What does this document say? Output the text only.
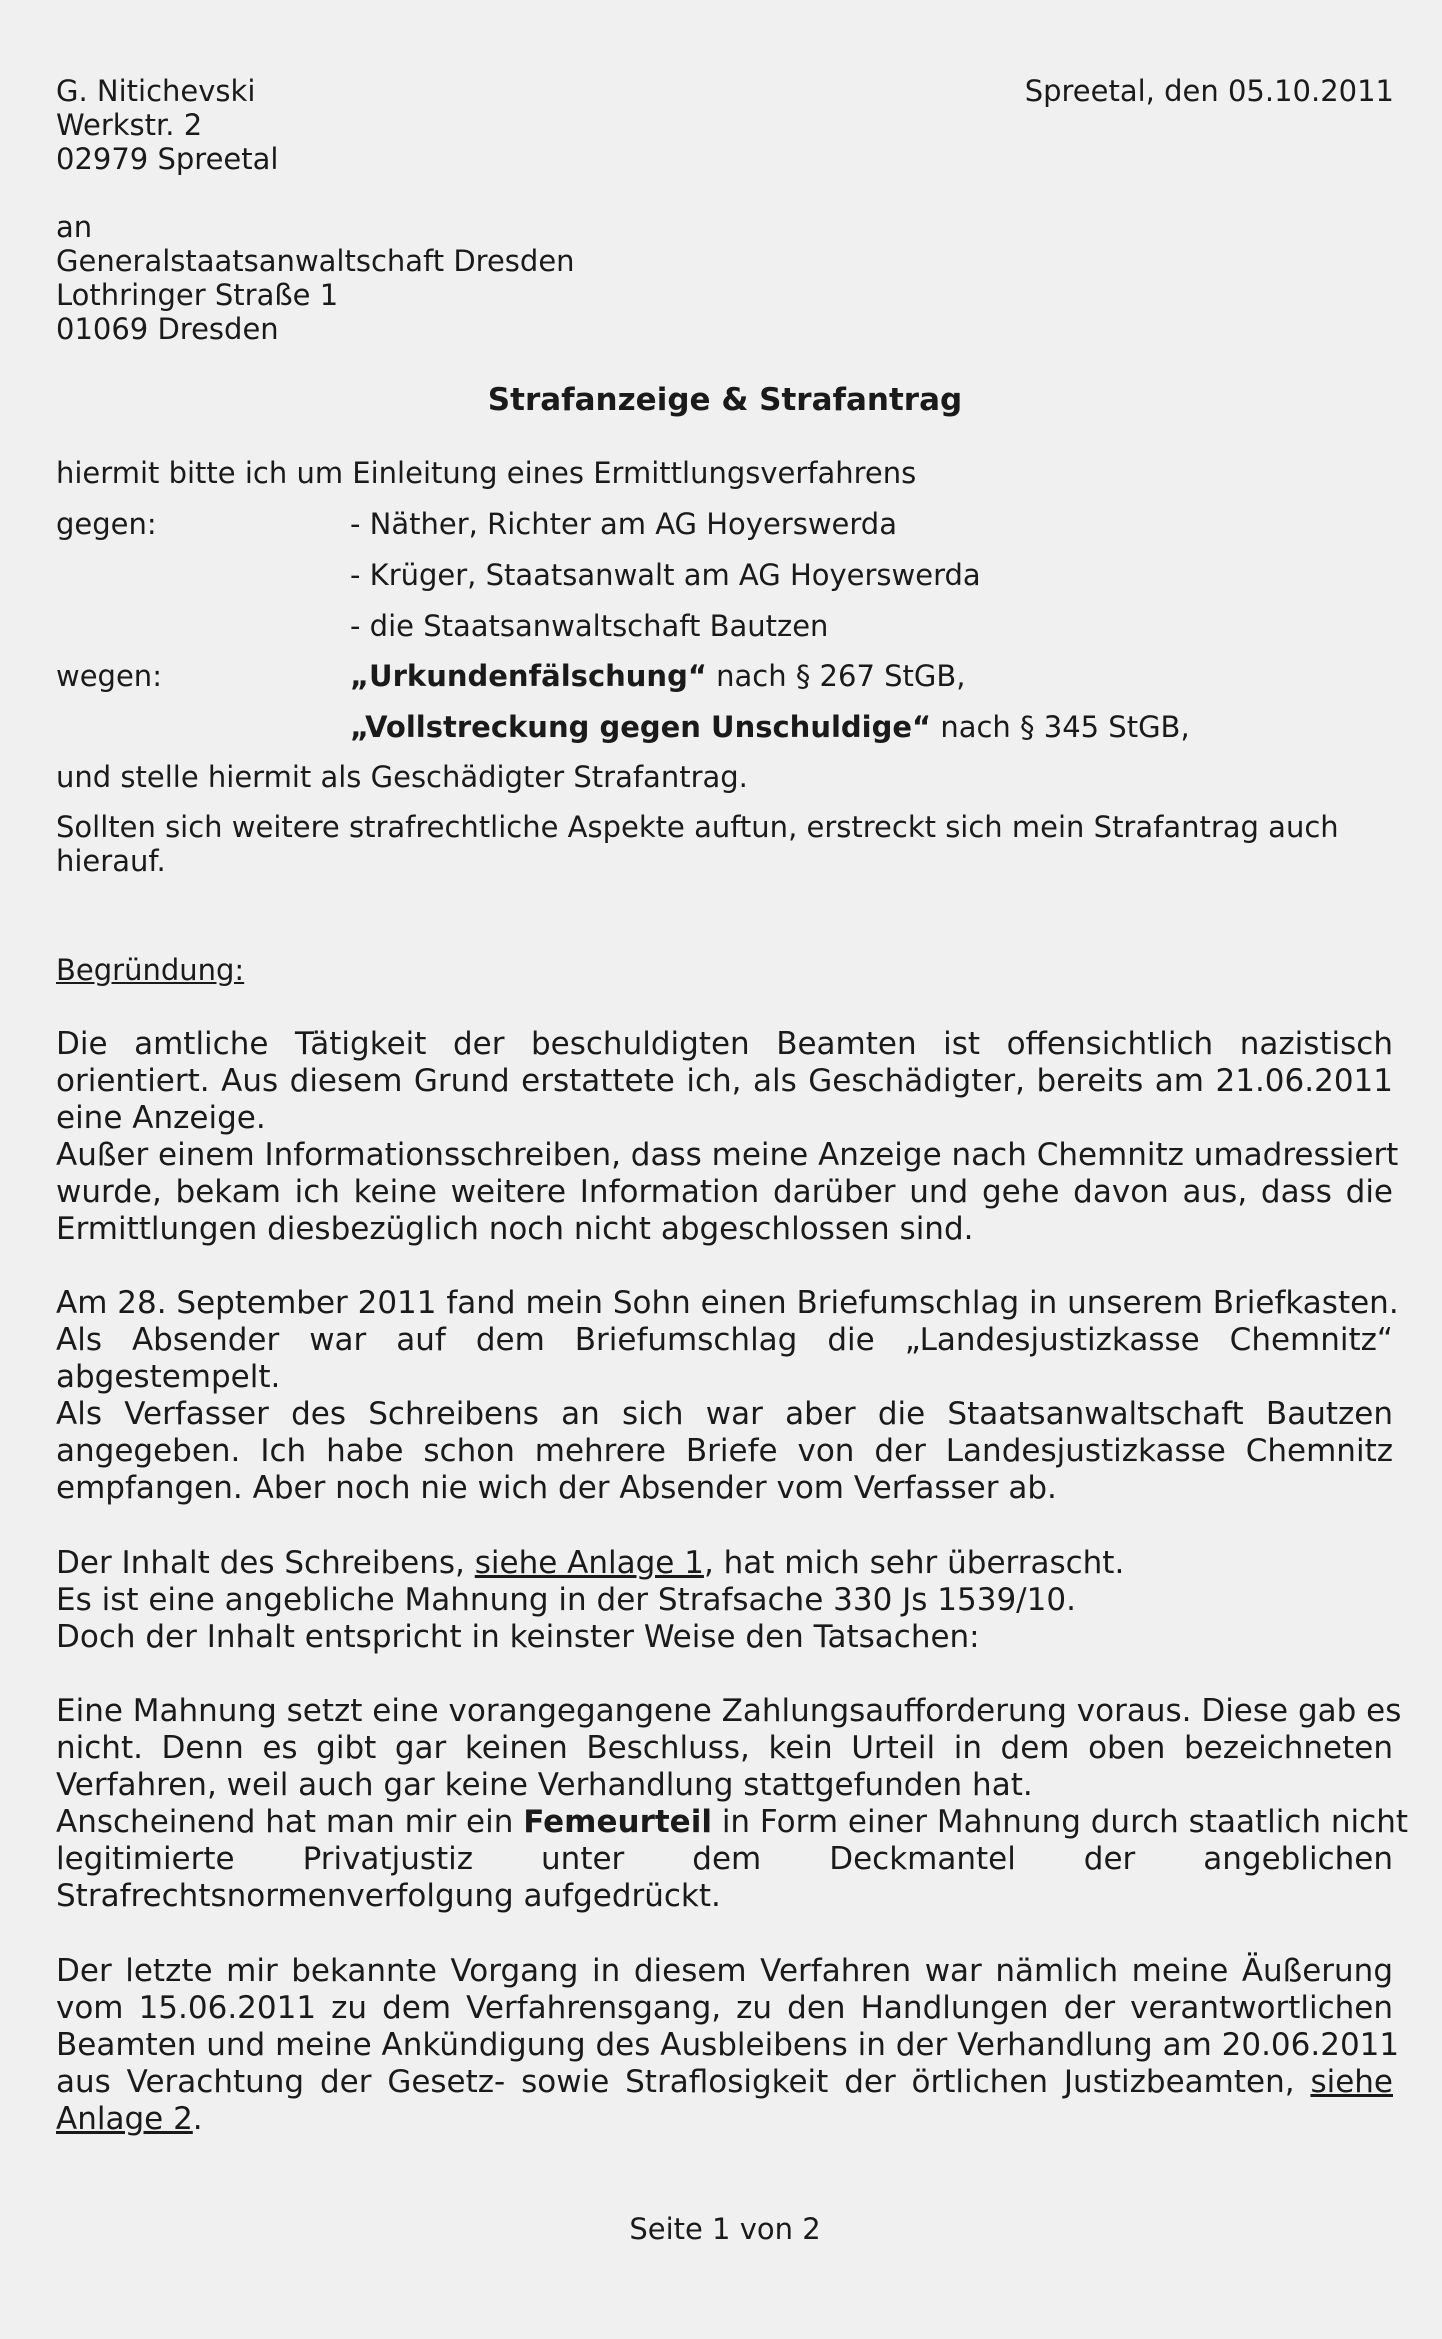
G. Nitichevski
Werkstr. 2
02979 Spreetal
Spreetal, den 05.10.2011
an
Generalstaatsanwaltschaft Dresden
Lothringer Straße 1
01069 Dresden
Strafanzeige & Strafantrag
hiermit bitte ich um Einleitung eines Ermittlungsverfahrens
gegen:	- Näther, Richter am AG Hoyerswerda
- Krüger, Staatsanwalt am AG Hoyerswerda
- die Staatsanwaltschaft Bautzen
wegen:	„Urkundenfälschung“ nach § 267 StGB,
„Vollstreckung gegen Unschuldige“ nach § 345 StGB,
und stelle hiermit als Geschädigter Strafantrag.
Sollten sich weitere strafrechtliche Aspekte auftun, erstreckt sich mein Strafantrag auch
hierauf.
Begründung:
Die amtliche Tätigkeit der beschuldigten Beamten ist offensichtlich nazistisch
orientiert. Aus diesem Grund erstattete ich, als Geschädigter, bereits am 21.06.2011
eine Anzeige.
Außer einem Informationsschreiben, dass meine Anzeige nach Chemnitz umadressiert
wurde, bekam ich keine weitere Information darüber und gehe davon aus, dass die
Ermittlungen diesbezüglich noch nicht abgeschlossen sind.
Am 28. September 2011 fand mein Sohn einen Briefumschlag in unserem Briefkasten.
Als Absender war auf dem Briefumschlag die „Landesjustizkasse Chemnitz“
abgestempelt.
Als Verfasser des Schreibens an sich war aber die Staatsanwaltschaft Bautzen
angegeben. Ich habe schon mehrere Briefe von der Landesjustizkasse Chemnitz
empfangen. Aber noch nie wich der Absender vom Verfasser ab.
Der Inhalt des Schreibens, siehe Anlage 1, hat mich sehr überrascht.
Es ist eine angebliche Mahnung in der Strafsache 330 Js 1539/10.
Doch der Inhalt entspricht in keinster Weise den Tatsachen:
Eine Mahnung setzt eine vorangegangene Zahlungsaufforderung voraus. Diese gab es
nicht. Denn es gibt gar keinen Beschluss, kein Urteil in dem oben bezeichneten
Verfahren, weil auch gar keine Verhandlung stattgefunden hat.
Anscheinend hat man mir ein Femeurteil in Form einer Mahnung durch staatlich nicht
legitimierte Privatjustiz unter dem Deckmantel der angeblichen
Strafrechtsnormenverfolgung aufgedrückt.
Der letzte mir bekannte Vorgang in diesem Verfahren war nämlich meine Äußerung
vom 15.06.2011 zu dem Verfahrensgang, zu den Handlungen der verantwortlichen
Beamten und meine Ankündigung des Ausbleibens in der Verhandlung am 20.06.2011
aus Verachtung der Gesetz- sowie Straflosigkeit der örtlichen Justizbeamten, siehe
Anlage 2.
Seite 1 von 2
